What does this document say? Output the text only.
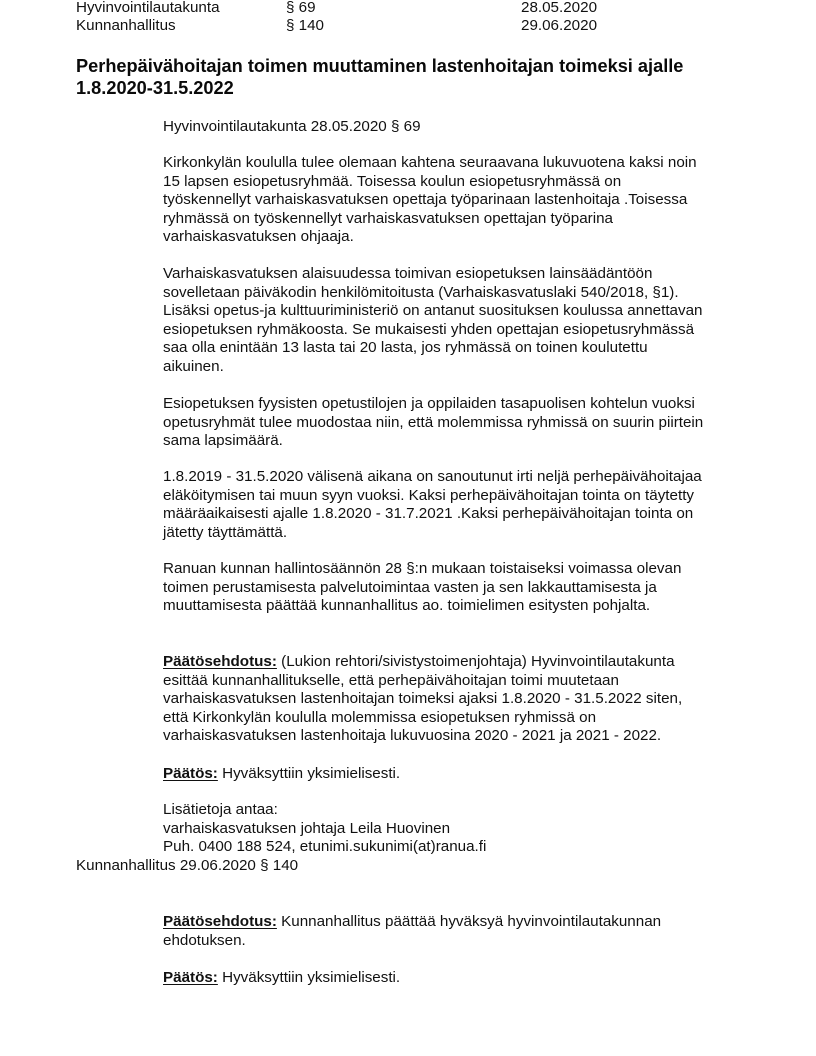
Hyvinvointilautakunta	§ 69	28.05.2020
Kunnanhallitus	§ 140	29.06.2020
Perhepäivähoitajan toimen muuttaminen lastenhoitajan toimeksi ajalle
1.8.2020-31.5.2022
Hyvinvointilautakunta 28.05.2020 § 69
Kirkonkylän koululla tulee olemaan kahtena seuraavana lukuvuotena kaksi noin
15 lapsen esiopetusryhmää. Toisessa koulun esiopetusryhmässä on
työskennellyt varhaiskasvatuksen opettaja työparinaan lastenhoitaja .Toisessa
ryhmässä on työskennellyt varhaiskasvatuksen opettajan työparina
varhaiskasvatuksen ohjaaja.
Varhaiskasvatuksen alaisuudessa toimivan esiopetuksen lainsäädäntöön
sovelletaan päiväkodin henkilömitoitusta (Varhaiskasvatuslaki 540/2018, §1).
Lisäksi opetus-ja kulttuuriministeriö on antanut suosituksen koulussa annettavan
esiopetuksen ryhmäkoosta. Se mukaisesti yhden opettajan esiopetusryhmässä
saa olla enintään 13 lasta tai 20 lasta, jos ryhmässä on toinen koulutettu
aikuinen.
Esiopetuksen fyysisten opetustilojen ja oppilaiden tasapuolisen kohtelun vuoksi
opetusryhmät tulee muodostaa niin, että molemmissa ryhmissä on suurin piirtein
sama lapsimäärä.
1.8.2019 - 31.5.2020 välisenä aikana on sanoutunut irti neljä perhepäivähoitajaa
eläköitymisen tai muun syyn vuoksi. Kaksi perhepäivähoitajan tointa on täytetty
määräaikaisesti ajalle 1.8.2020 - 31.7.2021 .Kaksi perhepäivähoitajan tointa on
jätetty täyttämättä.
Ranuan kunnan hallintosäännön 28 §:n mukaan toistaiseksi voimassa olevan
toimen perustamisesta palvelutoimintaa vasten ja sen lakkauttamisesta ja
muuttamisesta päättää kunnanhallitus ao. toimielimen esitysten pohjalta.
Päätösehdotus: (Lukion rehtori/sivistystoimenjohtaja) Hyvinvointilautakunta
esittää kunnanhallitukselle, että perhepäivähoitajan toimi muutetaan
varhaiskasvatuksen lastenhoitajan toimeksi ajaksi 1.8.2020 - 31.5.2022 siten,
että Kirkonkylän koululla molemmissa esiopetuksen ryhmissä on
varhaiskasvatuksen lastenhoitaja lukuvuosina 2020 - 2021 ja 2021 - 2022.
Päätös: Hyväksyttiin yksimielisesti.
Lisätietoja antaa:
varhaiskasvatuksen johtaja Leila Huovinen
Puh. 0400 188 524, etunimi.sukunimi(at)ranua.fi
Kunnanhallitus 29.06.2020 § 140
Päätösehdotus: Kunnanhallitus päättää hyväksyä hyvinvointilautakunnan
ehdotuksen.
Päätös: Hyväksyttiin yksimielisesti.
